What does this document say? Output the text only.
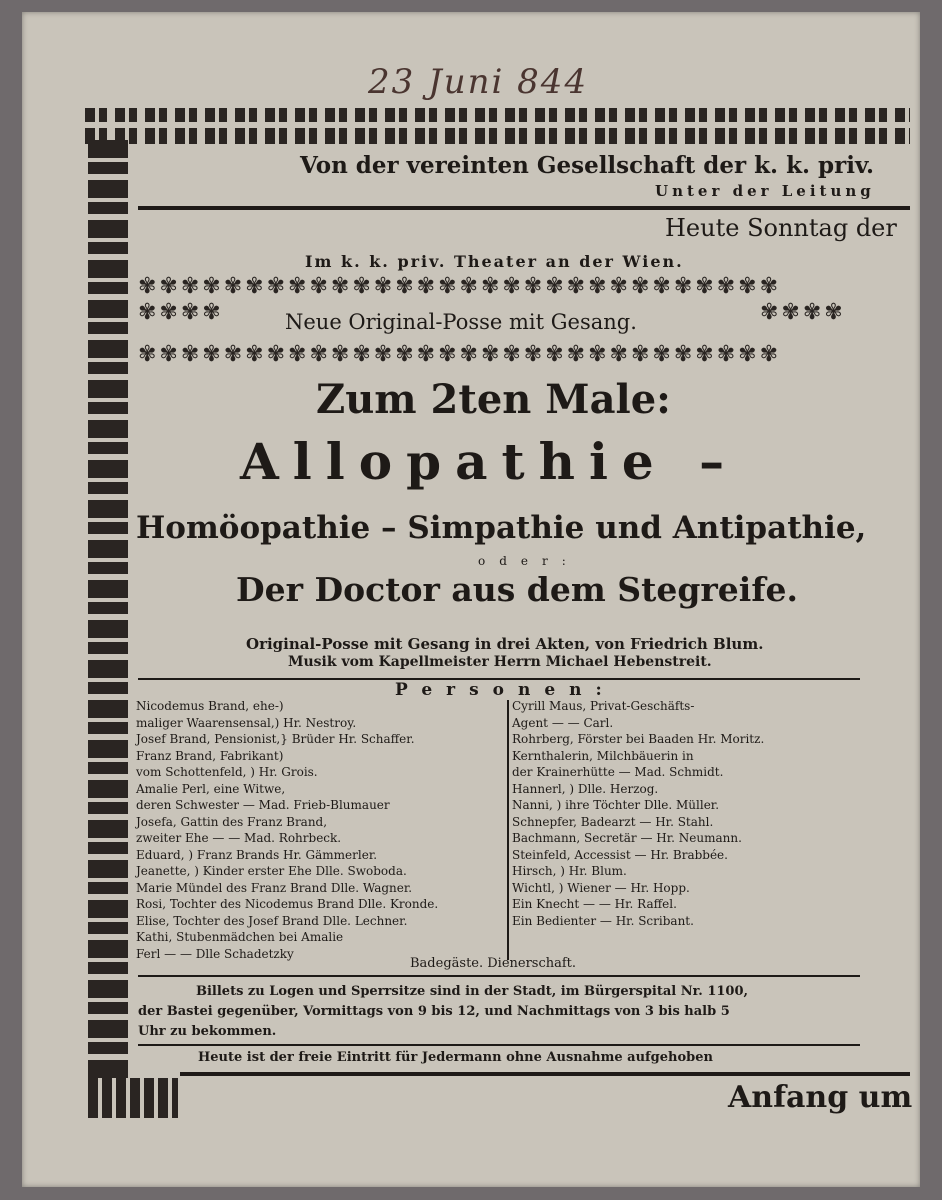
23 Juni 844
Von der vereinten Gesellschaft der k. k. priv.
Unter der Leitung
Heute Sonntag der
Im k. k. priv. Theater an der Wien.
✾✾✾✾✾✾✾✾✾✾✾✾✾✾✾✾✾✾✾✾✾✾✾✾✾✾✾✾✾✾
✾✾✾✾	✾✾✾✾
Neue Original-Posse mit Gesang.
✾✾✾✾✾✾✾✾✾✾✾✾✾✾✾✾✾✾✾✾✾✾✾✾✾✾✾✾✾✾
Zum 2ten Male:
Allopathie –
Homöopathie – Simpathie und Antipathie,
oder:
Der Doctor aus dem Stegreife.
Original-Posse mit Gesang in drei Akten, von Friedrich Blum.
Musik vom Kapellmeister Herrn Michael Hebenstreit.
Personen:
Nicodemus Brand, ehe-)
maliger Waarensensal,) Hr. Nestroy.
Josef Brand, Pensionist,} Brüder Hr. Schaffer.
Franz Brand, Fabrikant)
vom Schottenfeld, ) Hr. Grois.
Amalie Perl, eine Witwe,
deren Schwester — Mad. Frieb-Blumauer
Josefa, Gattin des Franz Brand,
zweiter Ehe — — Mad. Rohrbeck.
Eduard, ) Franz Brands Hr. Gämmerler.
Jeanette, ) Kinder erster Ehe Dlle. Swoboda.
Marie Mündel des Franz Brand Dlle. Wagner.
Rosi, Tochter des Nicodemus Brand Dlle. Kronde.
Elise, Tochter des Josef Brand Dlle. Lechner.
Kathi, Stubenmädchen bei Amalie
Ferl — — Dlle Schadetzky
Cyrill Maus, Privat-Geschäfts-
Agent — — Carl.
Rohrberg, Förster bei Baaden Hr. Moritz.
Kernthalerin, Milchbäuerin in
der Krainerhütte — Mad. Schmidt.
Hannerl, ) Dlle. Herzog.
Nanni, ) ihre Töchter Dlle. Müller.
Schnepfer, Badearzt — Hr. Stahl.
Bachmann, Secretär — Hr. Neumann.
Steinfeld, Accessist — Hr. Brabbée.
Hirsch, ) Hr. Blum.
Wichtl, ) Wiener — Hr. Hopp.
Ein Knecht — — Hr. Raffel.
Ein Bedienter — Hr. Scribant.
Badegäste. Dienerschaft.
Billets zu Logen und Sperrsitze sind in der Stadt, im Bürgerspital Nr. 1100,
der Bastei gegenüber, Vormittags von 9 bis 12, und Nachmittags von 3 bis halb 5
Uhr zu bekommen.
Heute ist der freie Eintritt für Jedermann ohne Ausnahme aufgehoben
Anfang um
